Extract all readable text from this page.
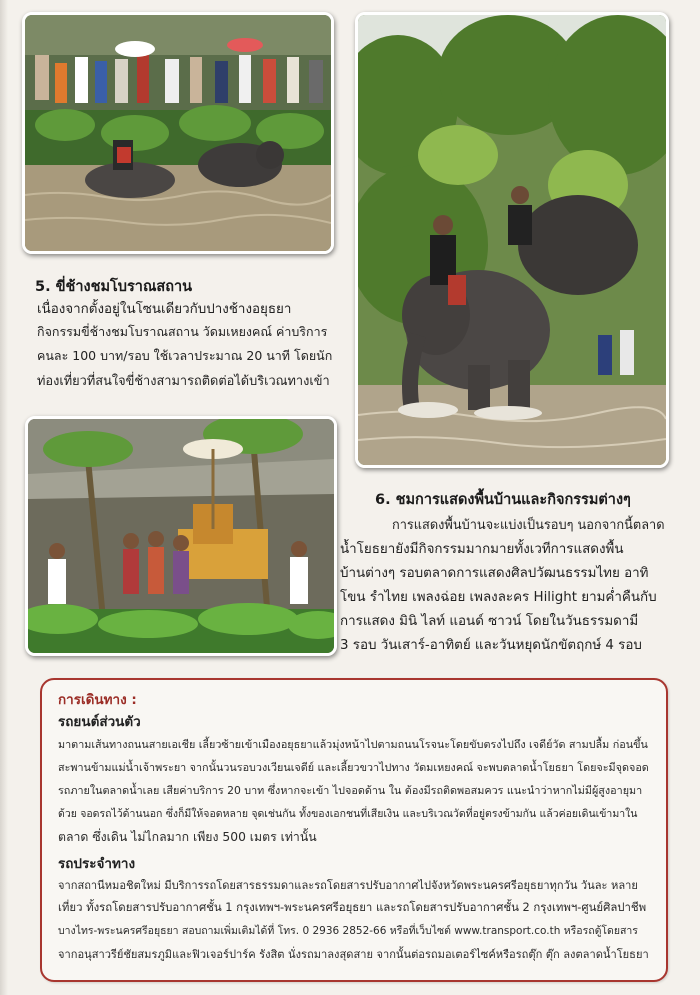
5. ขี่ช้างชมโบราณสถาน
เนื่องจากตั้งอยู่ในโซนเดียวกับปางช้างอยุธยา
กิจกรรมขี่ช้างชมโบราณสถาน วัดมเหยงคณ์ ค่าบริการ
คนละ 100 บาท/รอบ ใช้เวลาประมาณ 20 นาที โดยนัก
ท่องเที่ยวที่สนใจขี่ช้างสามารถติดต่อได้บริเวณทางเข้า
6. ชมการแสดงพื้นบ้านและกิจกรรมต่างๆ
การแสดงพื้นบ้านจะแบ่งเป็นรอบๆ นอกจากนี้ตลาด
น้ำโยธยายังมีกิจกรรมมากมายทั้งเวทีการแสดงพื้น
บ้านต่างๆ รอบตลาดการแสดงศิลปวัฒนธรรมไทย อาทิ
โขน รำไทย เพลงฉ่อย เพลงละคร Hilight ยามค่ำคืนกับ
การแสดง มินิ ไลท์ แอนด์ ซาวน์ โดยในวันธรรมดามี
3 รอบ วันเสาร์-อาทิตย์ และวันหยุดนักขัตฤกษ์ 4 รอบ
การเดินทาง :
รถยนต์ส่วนตัว
มาตามเส้นทางถนนสายเอเชีย เลี้ยวซ้ายเข้าเมืองอยุธยาแล้วมุ่งหน้าไปตามถนนโรจนะโดยขับตรงไปถึง เจดีย์วัด สามปลื้ม ก่อนขึ้น
สะพานข้ามแม่น้ำเจ้าพระยา จากนั้นวนรอบวงเวียนเจดีย์ และเลี้ยวขวาไปทาง วัดมเหยงคณ์ จะพบตลาดน้ำโยธยา โดยจะมีจุดจอด
รถภายในตลาดน้ำเลย เสียค่าบริการ 20 บาท ซึ่งหากจะเข้า ไปจอดด้าน ใน ต้องมีรถติดพอสมควร แนะนำว่าหากไม่มีผู้สูงอายุมา
ด้วย จอดรถไว้ด้านนอก ซึ่งก็มีให้จอดหลาย จุดเช่นกัน ทั้งของเอกชนที่เสียเงิน และบริเวณวัดที่อยู่ตรงข้ามกัน แล้วค่อยเดินเข้ามาใน
ตลาด ซึ่งเดิน ไม่ไกลมาก เพียง 500 เมตร เท่านั้น
รถประจำทาง
จากสถานีหมอชิตใหม่ มีบริการรถโดยสารธรรมดาและรถโดยสารปรับอากาศไปจังหวัดพระนครศรีอยุธยาทุกวัน วันละ หลาย
เที่ยว ทั้งรถโดยสารปรับอากาศชั้น 1 กรุงเทพฯ-พระนครศรีอยุธยา และรถโดยสารปรับอากาศชั้น 2 กรุงเทพฯ-ศูนย์ศิลปาชีพ
บางไทร-พระนครศรีอยุธยา สอบถามเพิ่มเติมได้ที่ โทร. 0 2936 2852-66 หรือที่เว็บไซต์ www.transport.co.th หรือรถตู้โดยสาร
จากอนุสาวรีย์ชัยสมรภูมิและฟิวเจอร์ปาร์ค รังสิต นั่งรถมาลงสุดสาย จากนั้นต่อรถมอเตอร์ไซค์หรือรถตุ๊ก ตุ๊ก ลงตลาดน้ำโยธยา
